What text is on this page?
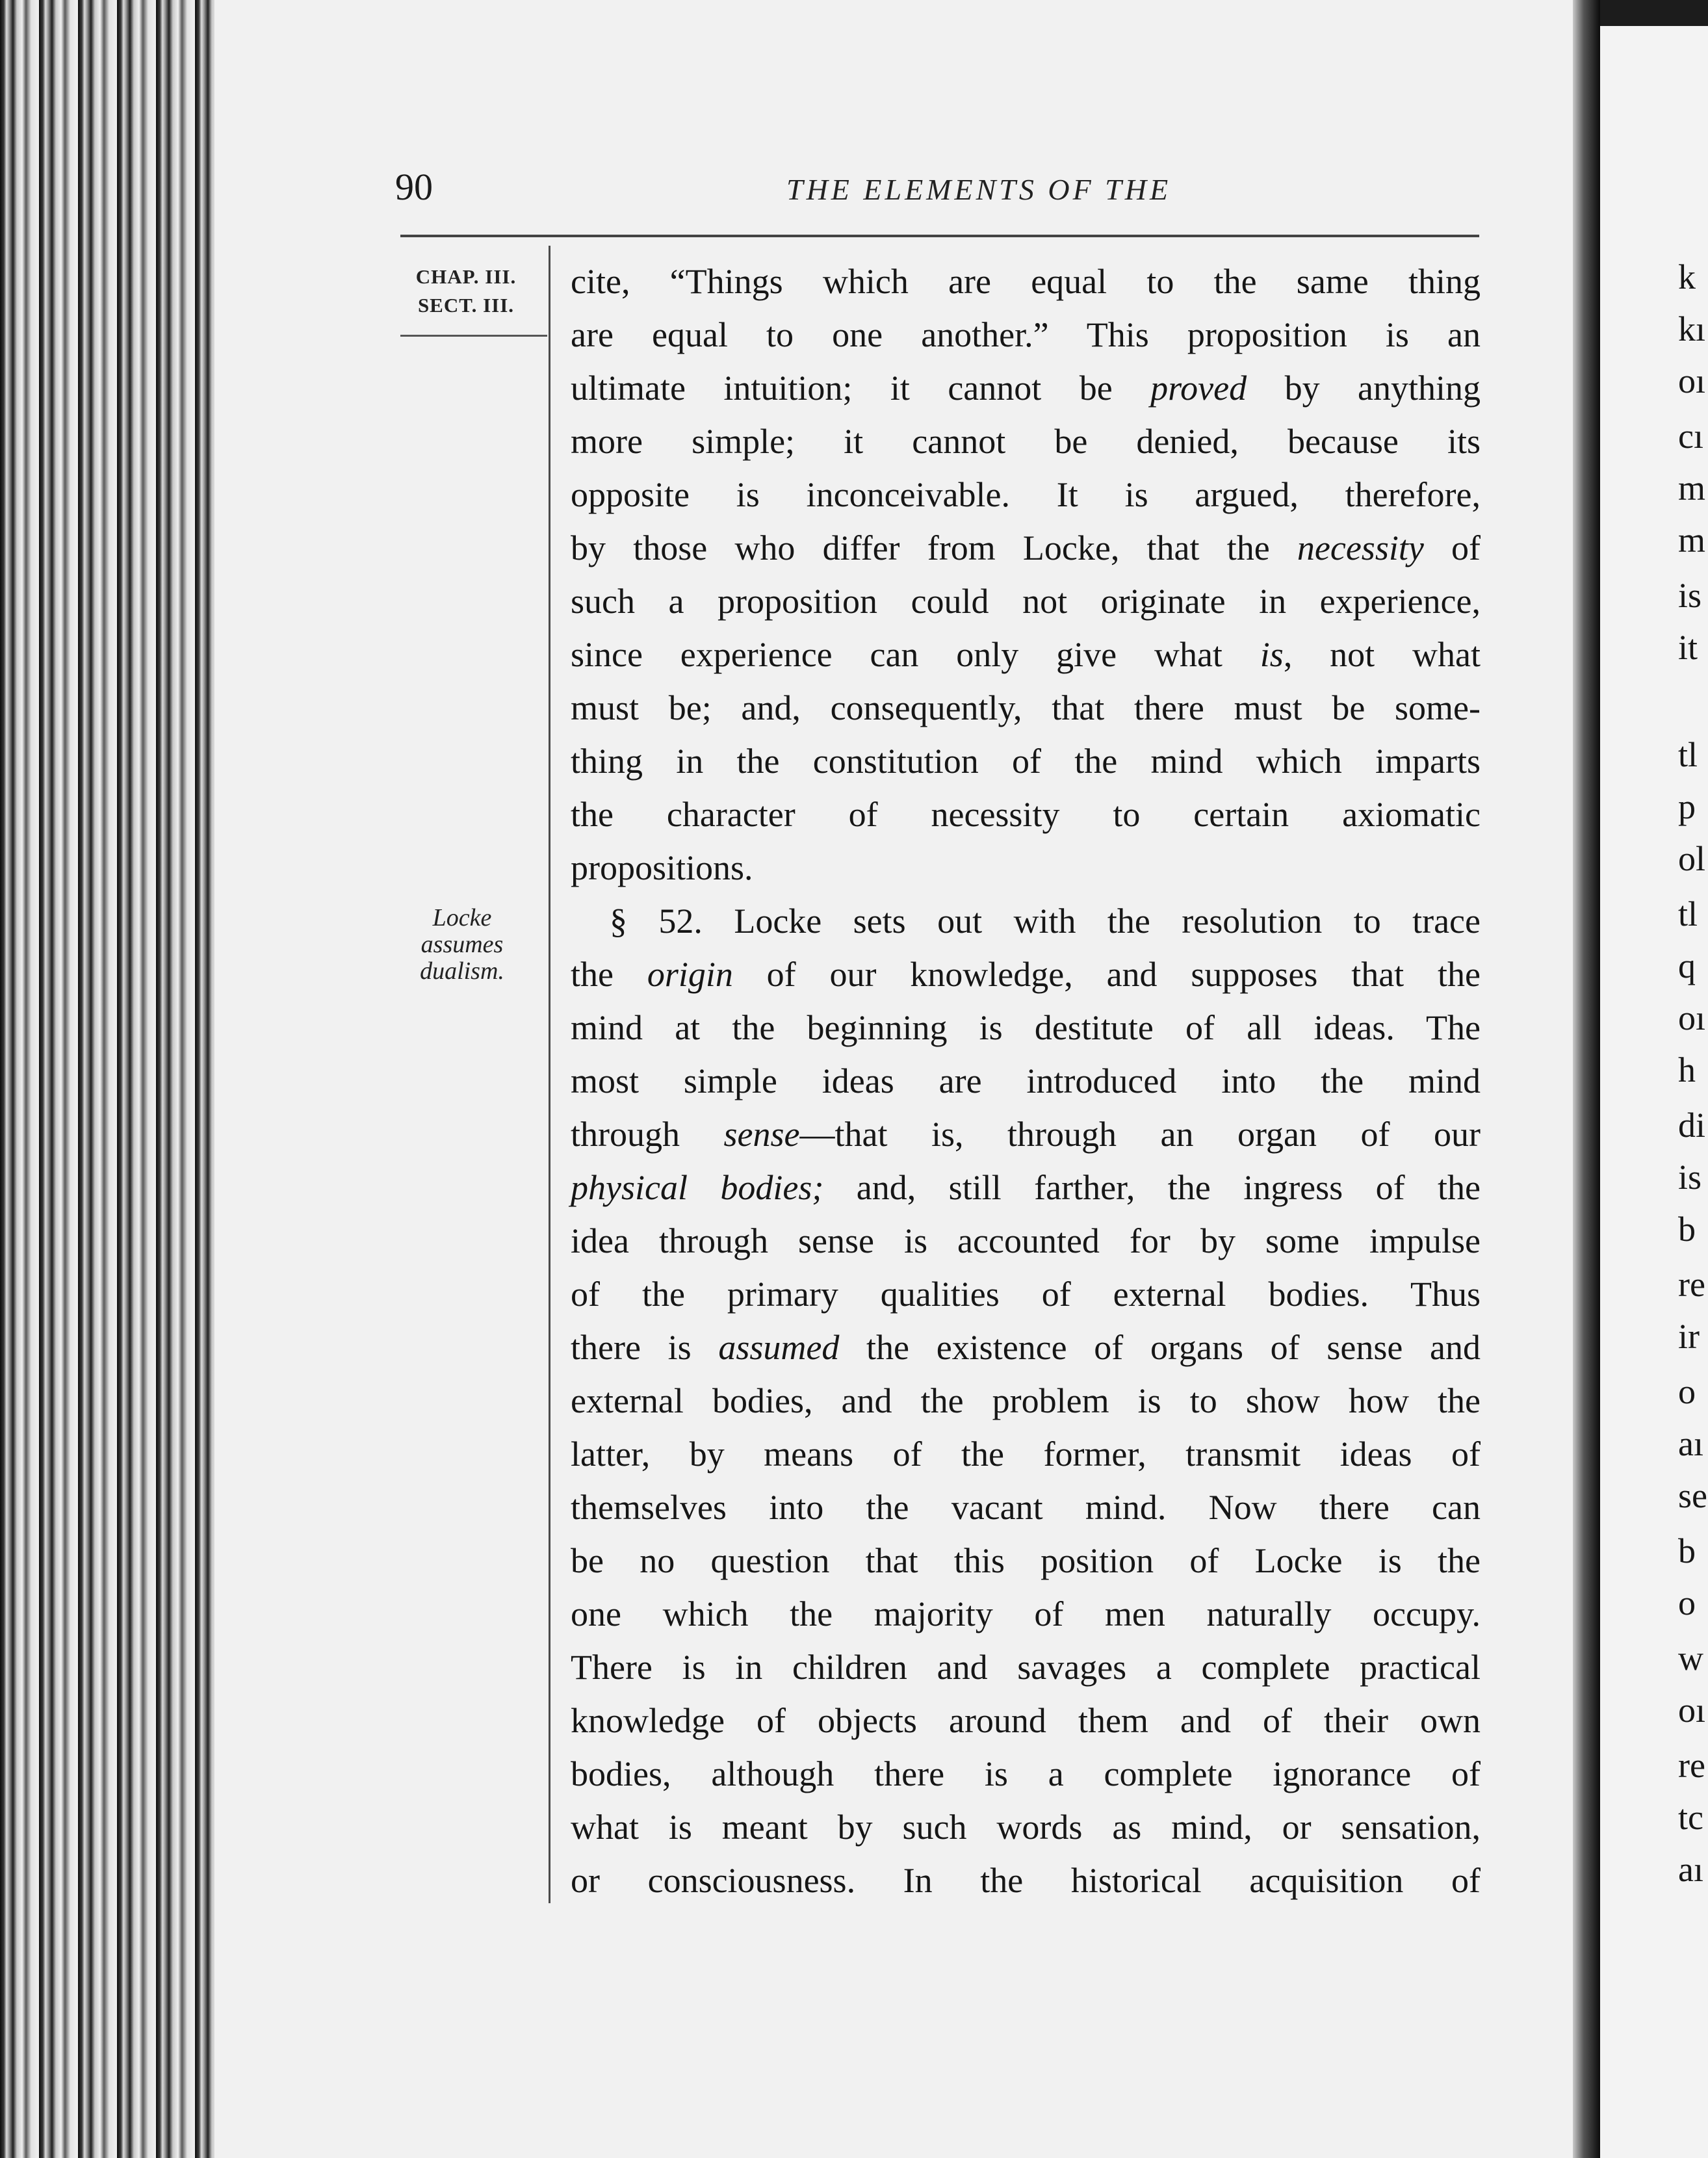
90	THE ELEMENTS OF THE
CHAP. III.
SECT. III.
Locke
assumes
dualism.
cite, “Things which are equal to the same thing
are equal to one another.” This proposition is an
ultimate intuition; it cannot be proved by anything
more simple; it cannot be denied, because its
opposite is inconceivable. It is argued, therefore,
by those who differ from Locke, that the necessity of
such a proposition could not originate in experience,
since experience can only give what is, not what
must be; and, consequently, that there must be some-
thing in the constitution of the mind which imparts
the character of necessity to certain axiomatic
propositions.
§ 52. Locke sets out with the resolution to trace
the origin of our knowledge, and supposes that the
mind at the beginning is destitute of all ideas. The
most simple ideas are introduced into the mind
through sense—that is, through an organ of our
physical bodies; and, still farther, the ingress of the
idea through sense is accounted for by some impulse
of the primary qualities of external bodies. Thus
there is assumed the existence of organs of sense and
external bodies, and the problem is to show how the
latter, by means of the former, transmit ideas of
themselves into the vacant mind. Now there can
be no question that this position of Locke is the
one which the majority of men naturally occupy.
There is in children and savages a complete practical
knowledge of objects around them and of their own
bodies, although there is a complete ignorance of
what is meant by such words as mind, or sensation,
or consciousness. In the historical acquisition of
k
kı
oı
cı
m
m
is
it
tl
p
ol
tl
q
oı
h
di
is
b
re
ir
o
aı
se
b
o
w
oı
re
tc
aı
